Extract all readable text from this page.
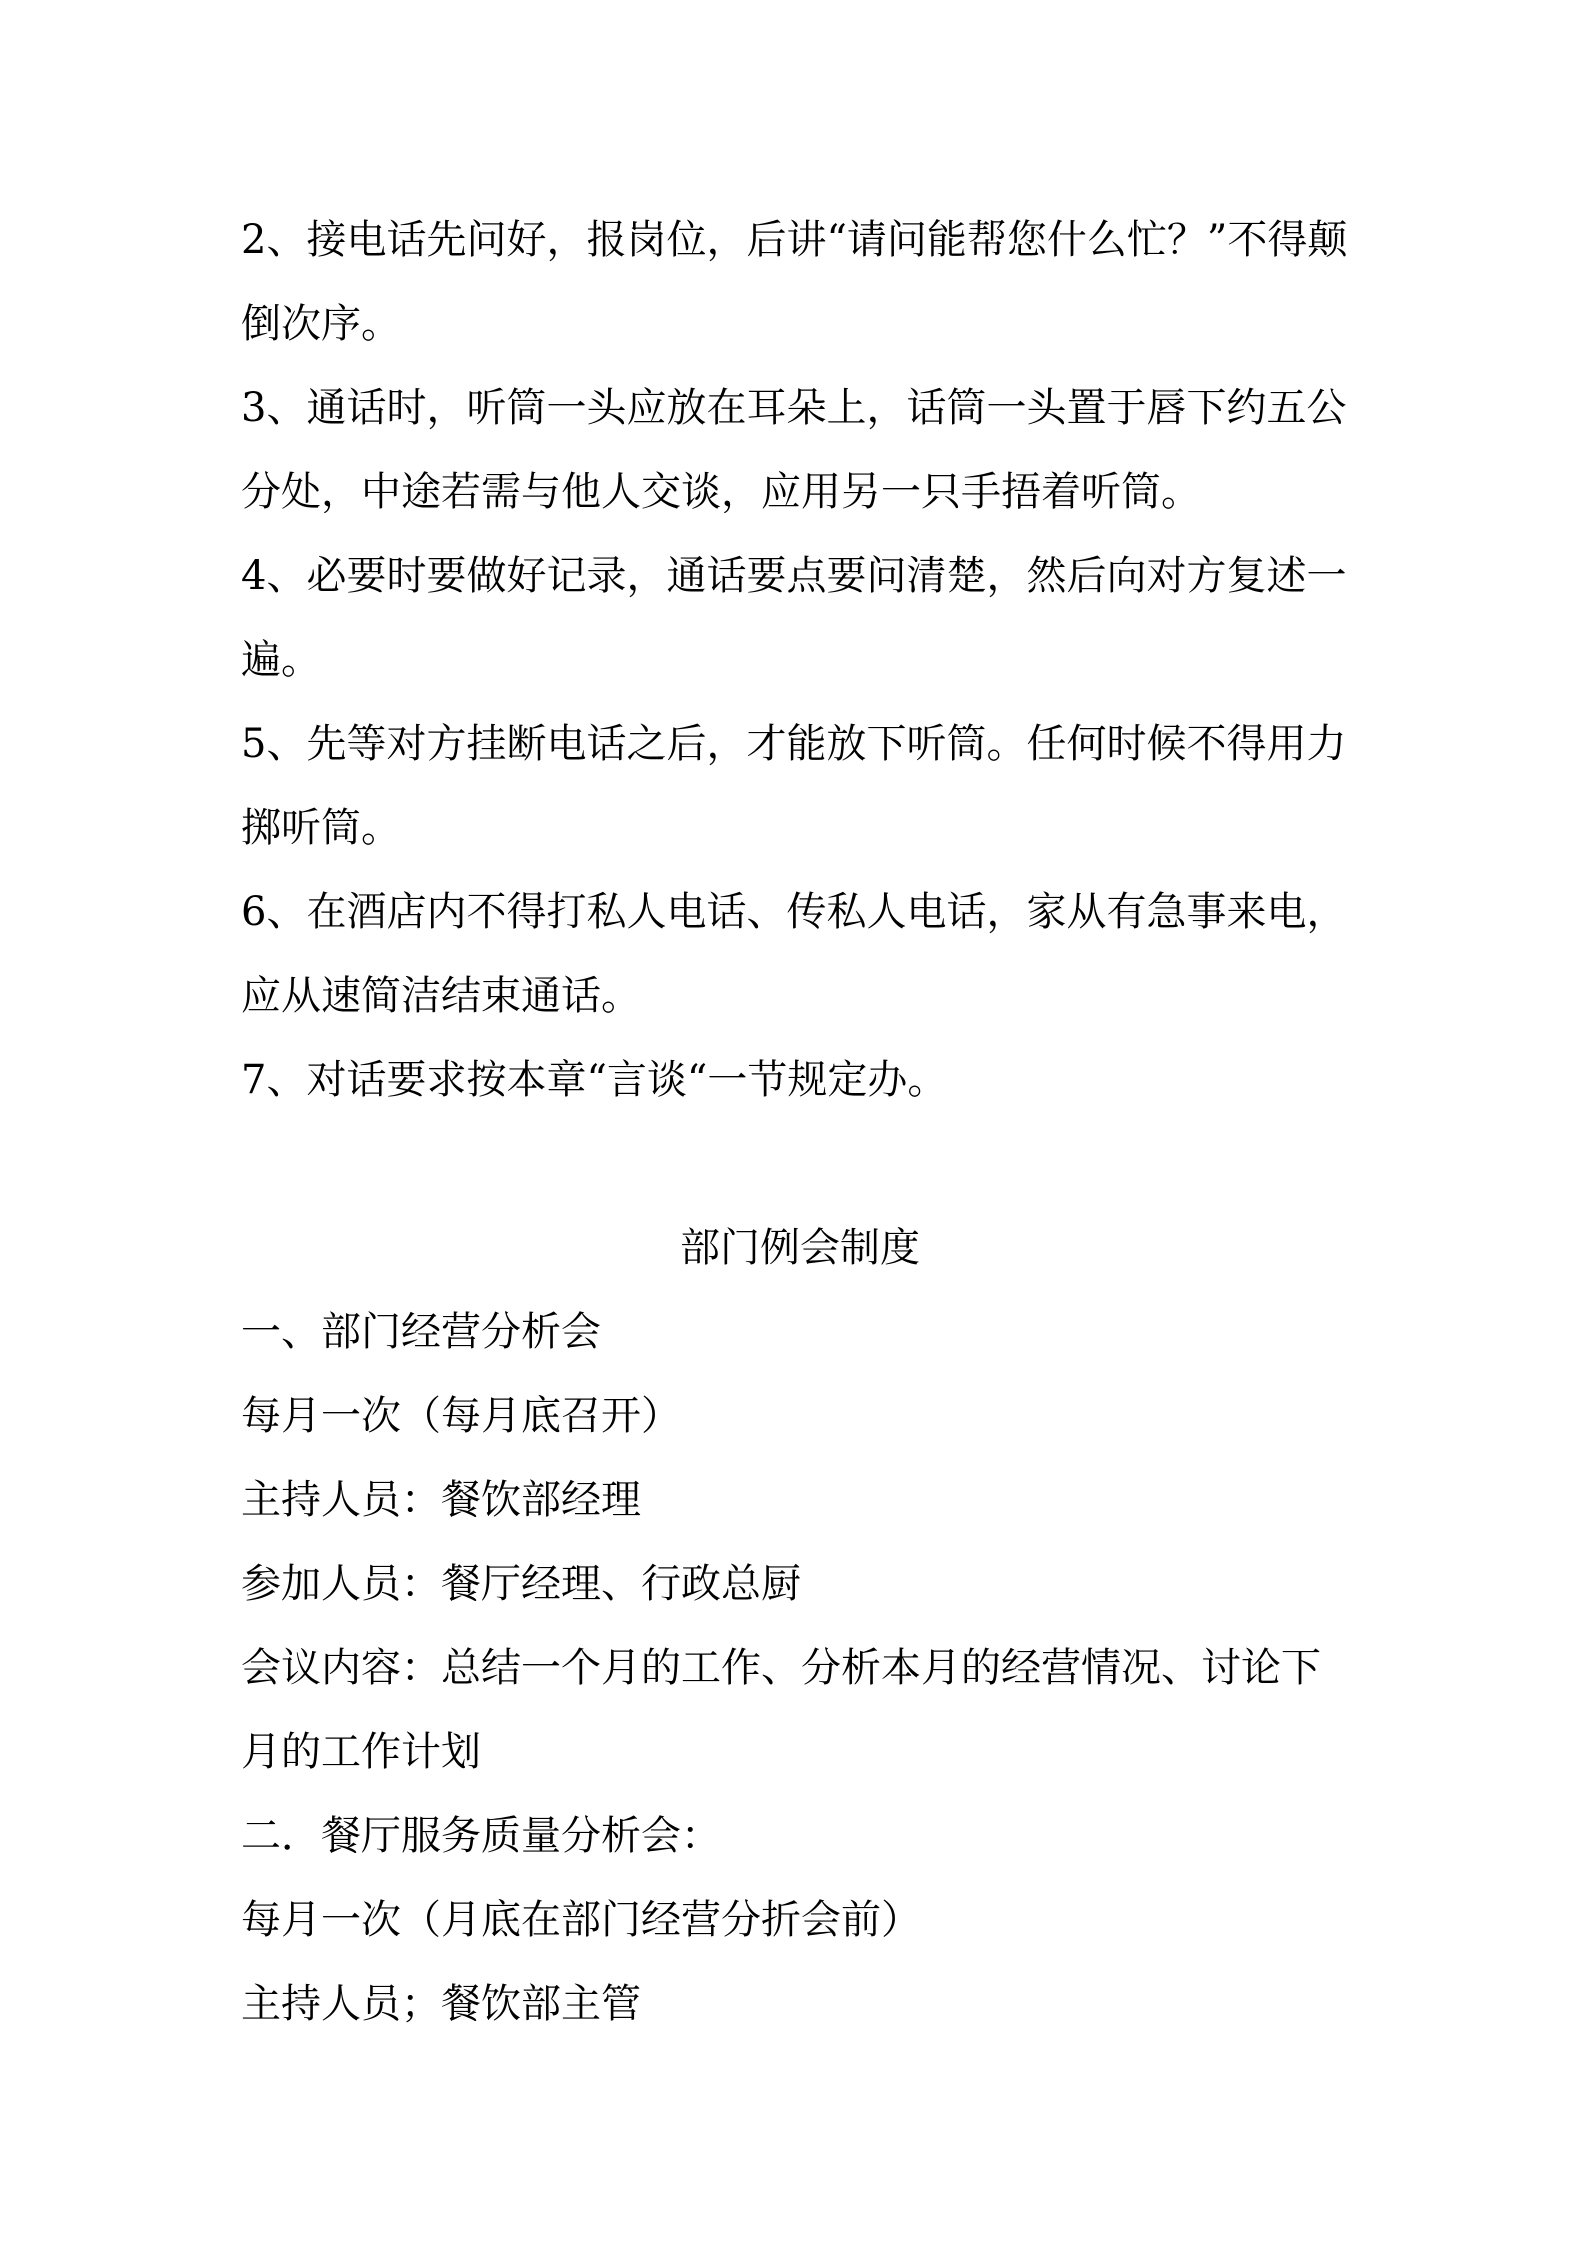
2、接电话先问好，报岗位，后讲“请问能帮您什么忙？”不得颠倒次序。

3、通话时，听筒一头应放在耳朵上，话筒一头置于唇下约五公分处，中途若需与他人交谈，应用另一只手捂着听筒。

4、必要时要做好记录，通话要点要问清楚，然后向对方复述一遍。

5、先等对方挂断电话之后，才能放下听筒。任何时候不得用力掷听筒。

6、在酒店内不得打私人电话、传私人电话，家从有急事来电，应从速简洁结束通话。

7、对话要求按本章“言谈“一节规定办。

部门例会制度

一、部门经营分析会

每月一次（每月底召开）

主持人员：餐饮部经理

参加人员：餐厅经理、行政总厨

会议内容：总结一个月的工作、分析本月的经营情况、讨论下月的工作计划

二．餐厅服务质量分析会：

每月一次（月底在部门经营分折会前）

主持人员；餐饮部主管
